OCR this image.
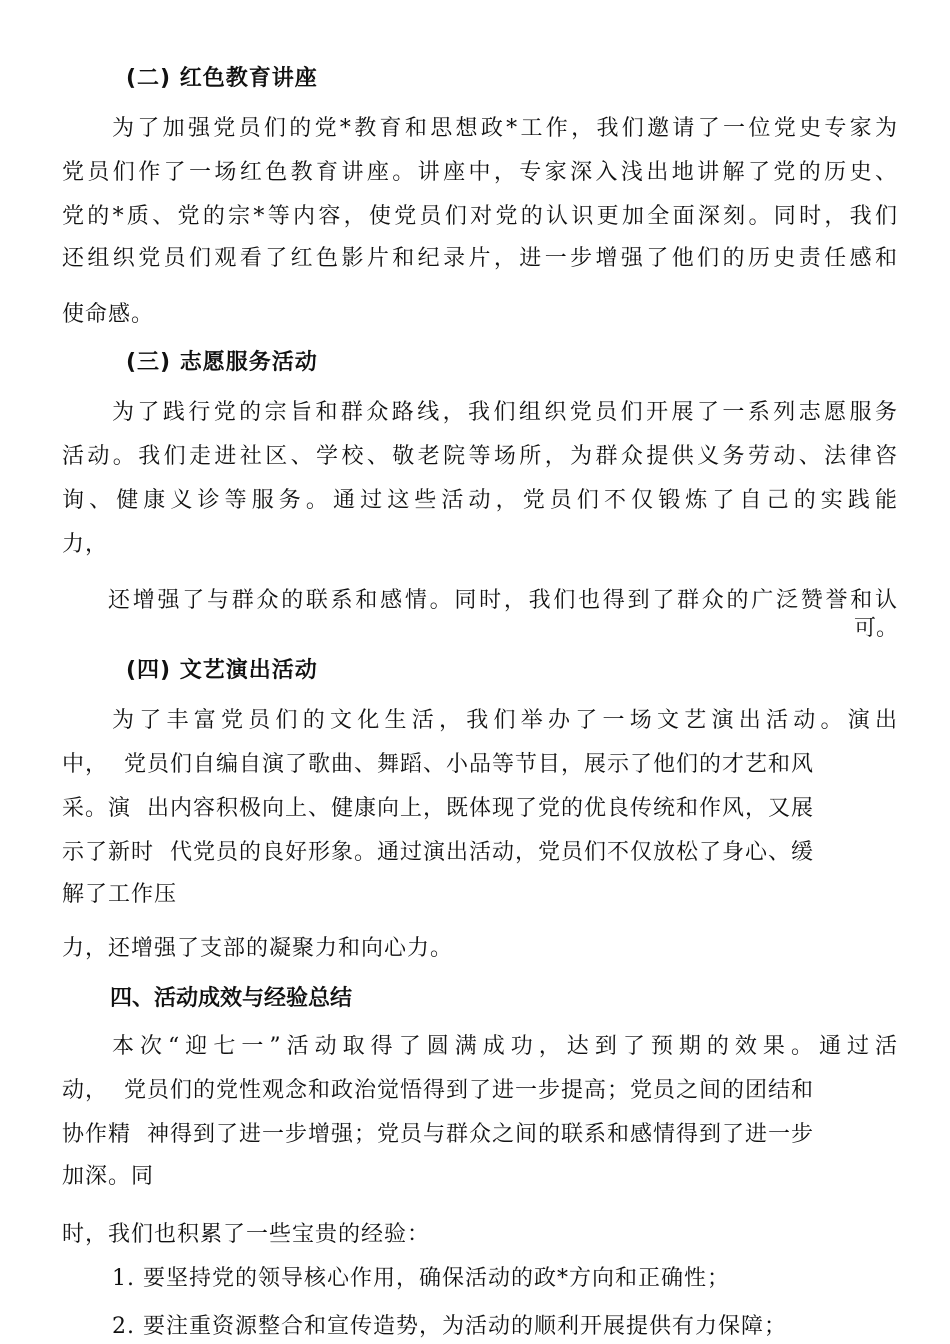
(二) 红色教育讲座
为了加强党员们的党*教育和思想政*工作，我们邀请了一位党史专家为
党员们作了一场红色教育讲座。讲座中，专家深入浅出地讲解了党的历史、
党的*质、党的宗*等内容，使党员们对党的认识更加全面深刻。同时，我们
还组织党员们观看了红色影片和纪录片，进一步增强了他们的历史责任感和
使命感。
(三) 志愿服务活动
为了践行党的宗旨和群众路线，我们组织党员们开展了一系列志愿服务
活动。我们走进社区、学校、敬老院等场所，为群众提供义务劳动、法律咨
询、健康义诊等服务。通过这些活动，党员们不仅锻炼了自己的实践能
力，
还增强了与群众的联系和感情。同时，我们也得到了群众的广泛赞誉和认
可。
(四) 文艺演出活动
为了丰富党员们的文化生活，我们举办了一场文艺演出活动。演出
中，  党员们自编自演了歌曲、舞蹈、小品等节目，展示了他们的才艺和风
采。演  出内容积极向上、健康向上，既体现了党的优良传统和作风，又展
示了新时  代党员的良好形象。通过演出活动，党员们不仅放松了身心、缓
解了工作压
力，还增强了支部的凝聚力和向心力。
四、活动成效与经验总结
本次“迎七一”活动取得了圆满成功，达到了预期的效果。通过活
动，  党员们的党性观念和政治觉悟得到了进一步提高；党员之间的团结和
协作精  神得到了进一步增强；党员与群众之间的联系和感情得到了进一步
加深。同
时，我们也积累了一些宝贵的经验：
1. 要坚持党的领导核心作用，确保活动的政*方向和正确性；
2. 要注重资源整合和宣传造势，为活动的顺利开展提供有力保障；
